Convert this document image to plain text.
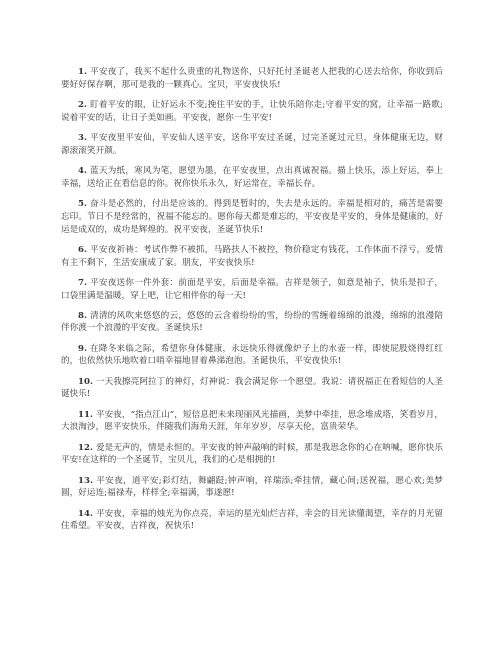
1. 平安夜了，我买不起什么贵重的礼物送你，只好托付圣诞老人把我的心送去给你，你收到后要好好保存啊，那可是我的一颗真心。宝贝，平安夜快乐!

2. 盯着平安的眼，让好运永不变;挽住平安的手，让快乐陪你走;守着平安的窝，让幸福一路歌;说着平安的话，让日子美如画。平安夜，愿你一生平安!

3. 平安夜里平安仙，平安仙人送平安，送你平安过圣诞，过完圣诞过元旦，身体健康无边，财源滚滚笑开颜。

4. 蓝天为纸，寒风为笔，愿望为墨，在平安夜里，点出真诚祝福。描上快乐，添上好运，奉上幸福，送给正在看信息的你。祝你快乐永久，好运常在，幸福长存。

5. 奋斗是必然的，付出是应该的。得到是暂时的，失去是永远的。幸福是相对的，痛苦是需要忘印。节日不是经常的，祝福不能忘的。愿你每天都是难忘的，平安夜是平安的，身体是健康的，好运是成双的，成功是辉煌的。祝平安夜，圣诞节快乐!

6. 平安夜祈祷：考试作弊不被抓，马路扶人不被控，物价稳定有钱花，工作体面不浮亏，爱情有主不剩下，生活安康成了家。朋友，平安夜快乐!

7. 平安夜送你一件外套：前面是平安，后面是幸福。吉祥是领子，如意是袖子，快乐是扣子，口袋里满是温暖，穿上吧，让它相伴你的每一天!

8. 清清的风吹来悠悠的云，悠悠的云含着纷纷的雪，纷纷的雪缠着绵绵的浪漫，绵绵的浪漫陪伴你渡一个浪漫的平安夜。圣诞快乐!

9. 在降冬来临之际，希望你身体健康，永远快乐得就像炉子上的水壶一样，即使屁股烧得红红的，也依然快乐地吹着口哨幸福地冒着鼻涕泡泡。圣诞快乐，平安夜快乐!

10. 一天我擦亮阿拉丁的神灯，灯神说：我会满足你一个愿望。我说：请祝福正在看短信的人圣诞快乐!

11. 平安夜，“指点江山”，短信息把未来现丽风光描画，美梦中牵挂，思念堆成塔，笑看岁月，大浪淘沙，愿平安快乐，伴随我们海角天涯，年年岁岁，尽享天伦，富贵荣华。

12. 爱是无声的，情是永恒的。平安夜的钟声敲响的时候，那是我思念你的心在呐喊，愿你快乐平安!在这样的一个圣诞节，宝贝儿，我们的心是相拥的!

13. 平安夜，道平安;彩灯结，舞翩跹;钟声响，祥瑞添;牵挂情，藏心间;送祝福，愿心欢;美梦圆，好运连;福禄寿，样样全;幸福满，事遂愿!

14. 平安夜，幸福的烛光为你点亮，幸运的星光灿烂吉祥，幸会的目光读懂渴望，幸存的月光留住希望。平安夜，吉祥夜，祝快乐!
